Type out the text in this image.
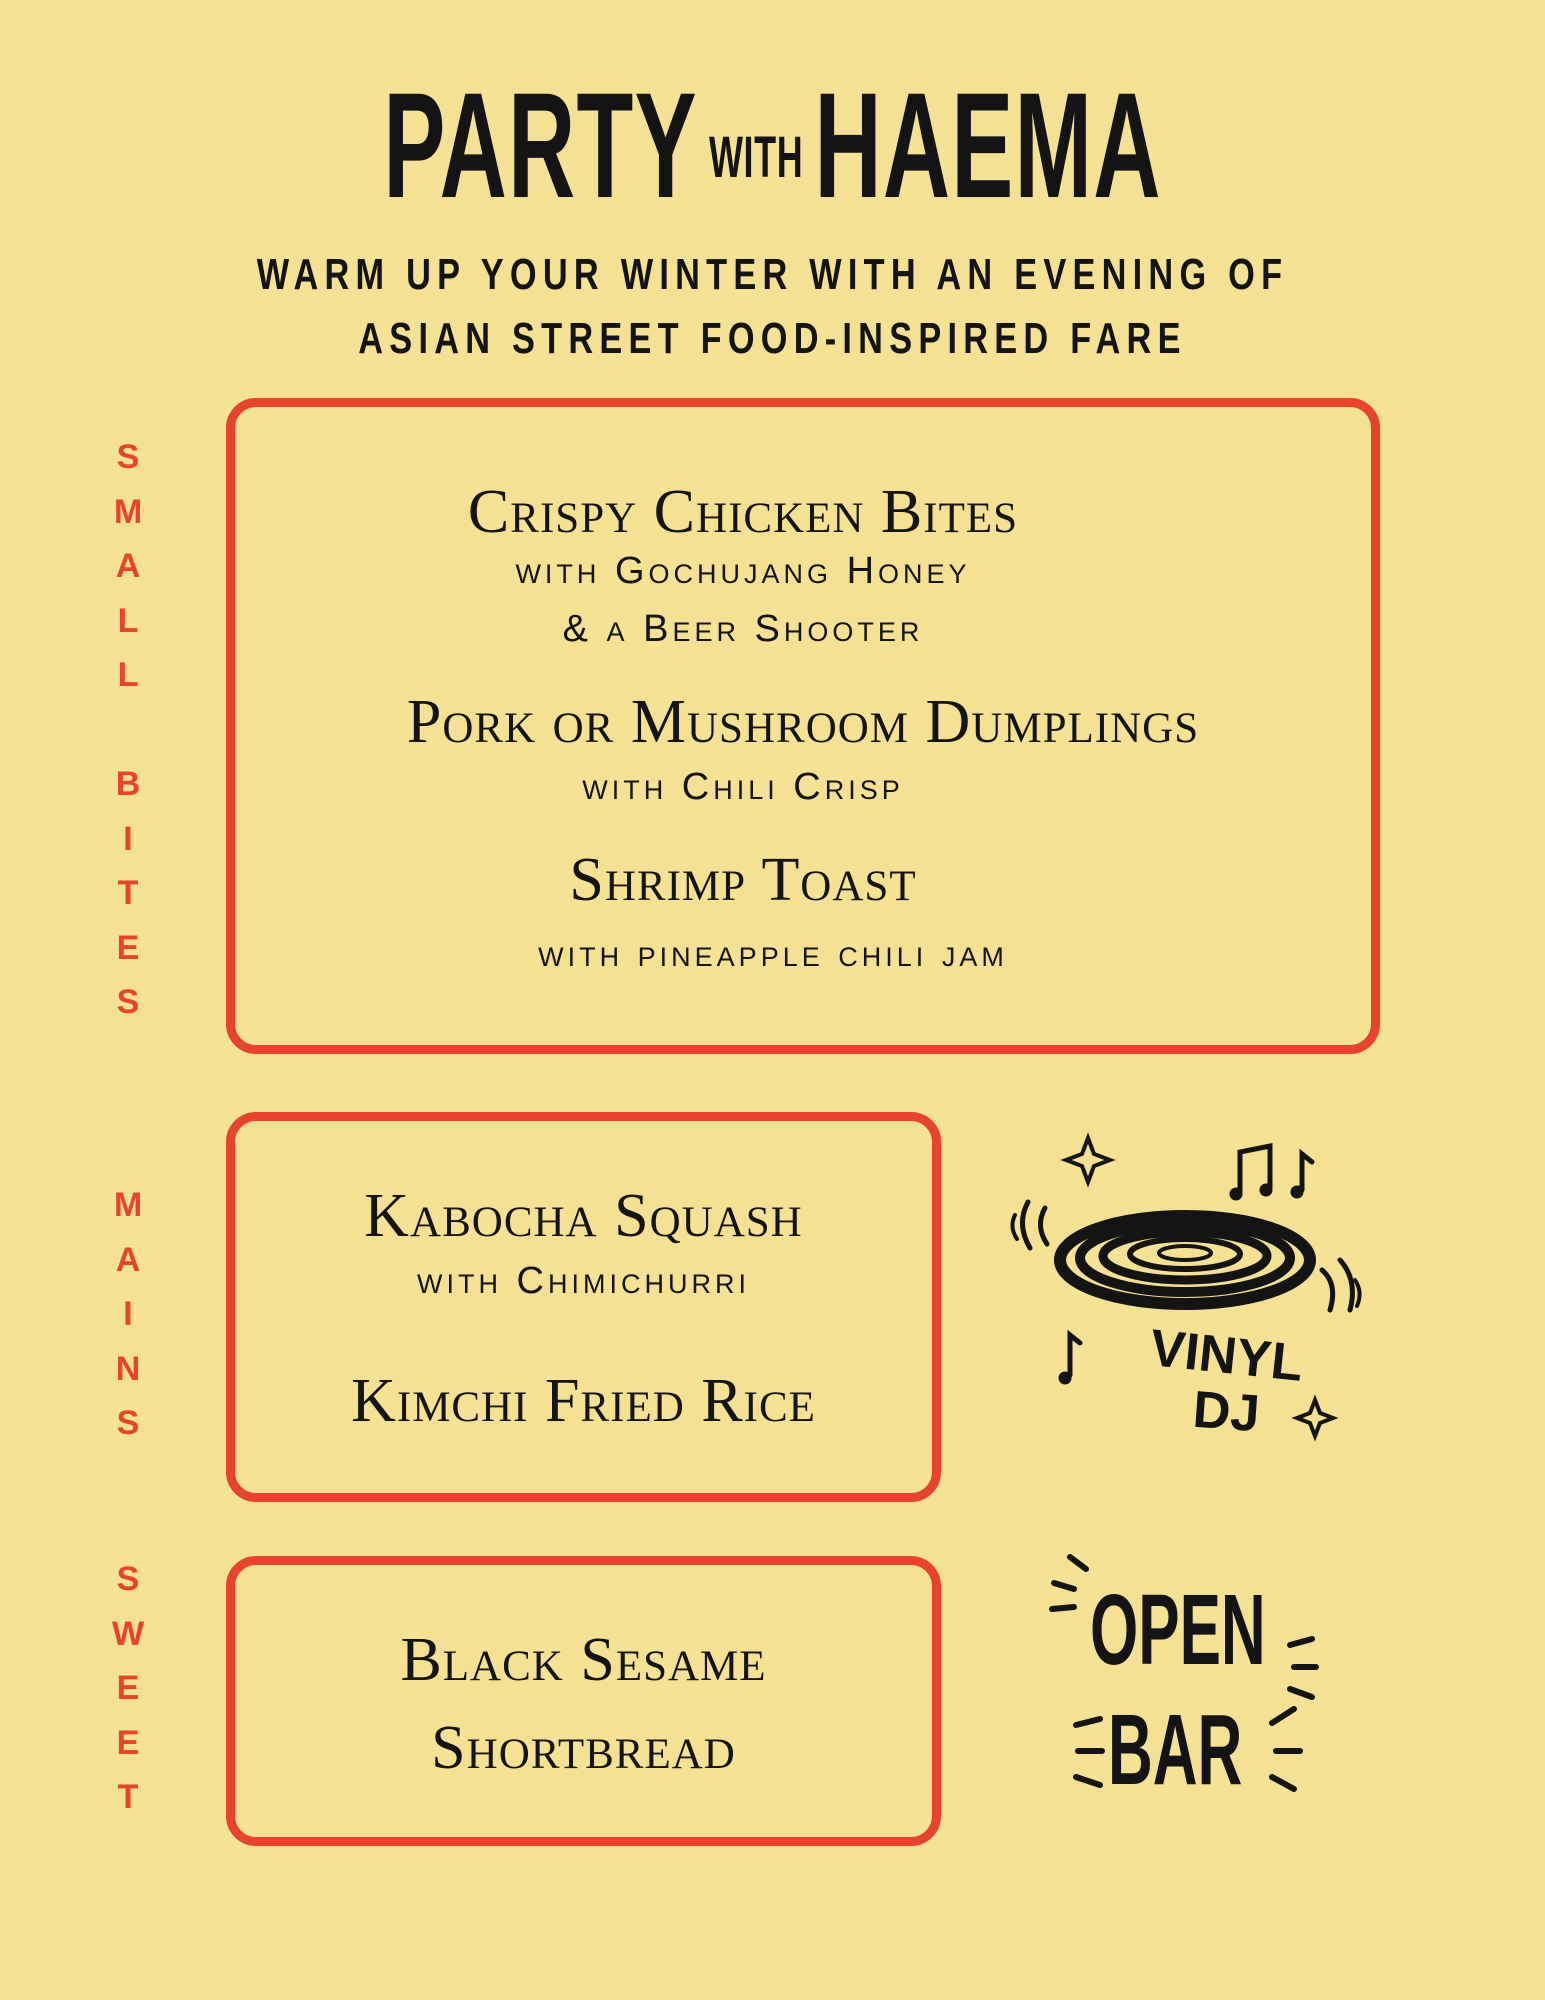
PARTY WITHHAEMA
WARM UP YOUR WINTER WITH AN EVENING OF
ASIAN STREET FOOD-INSPIRED FARE
S
M
A
L
L

B
I
T
E
S
M
A
I
N
S
S
W
E
E
T
Crispy Chicken Bites
with Gochujang Honey
& a Beer Shooter
Pork or Mushroom Dumplings
with Chili Crisp
Shrimp Toast
with pineapple chili jam
Kabocha Squash
with Chimichurri
Kimchi Fried Rice
Black Sesame
Shortbread
VINYL
DJ
OPEN
BAR
